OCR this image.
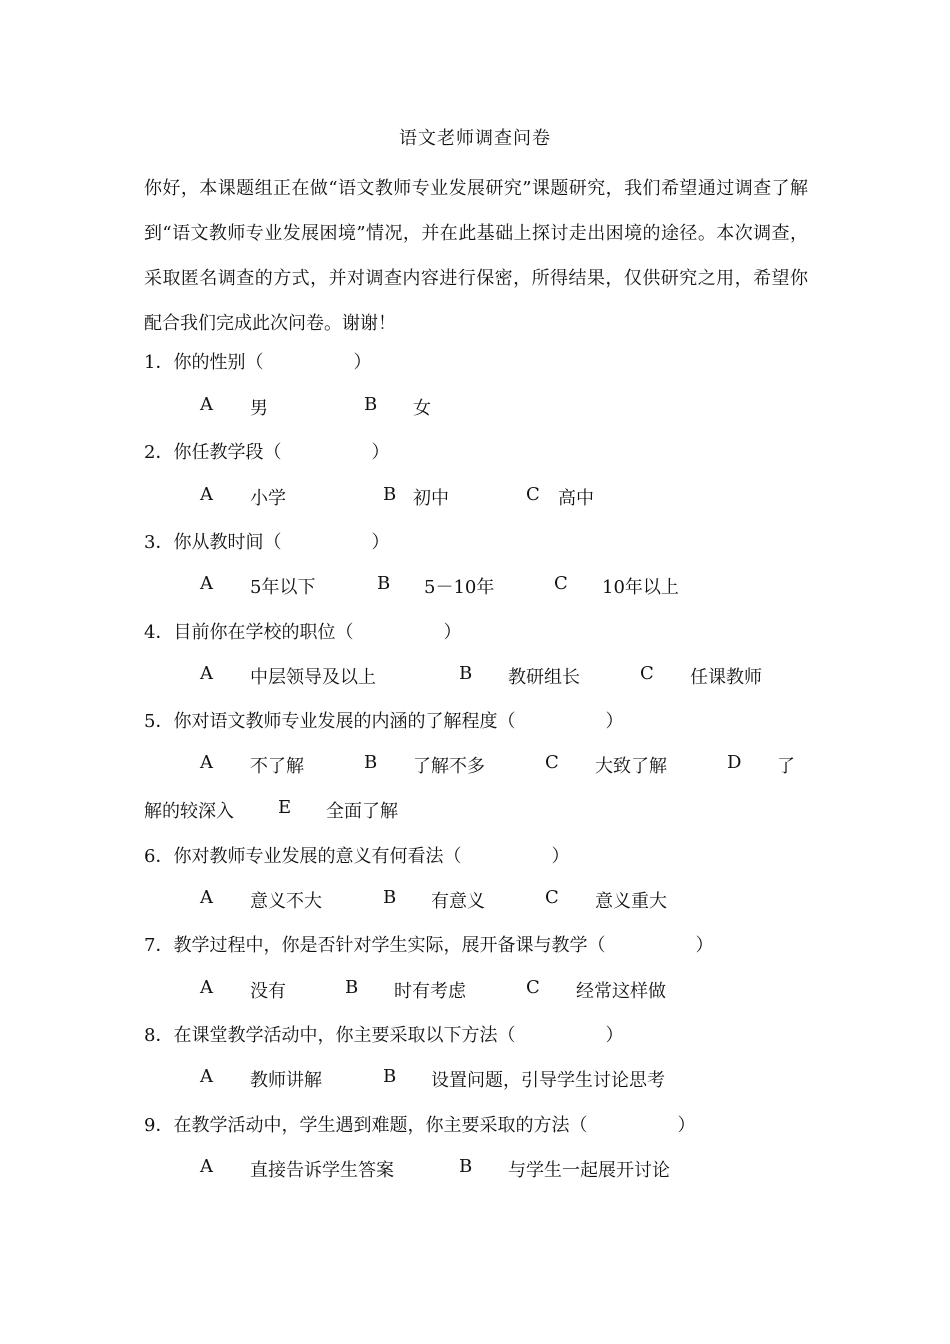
语文老师调查问卷

你好，本课题组正在做“语文教师专业发展研究”课题研究，我们希望通过调查了解到“语文教师专业发展困境”情况，并在此基础上探讨走出困境的途径。本次调查，采取匿名调查的方式，并对调查内容进行保密，所得结果，仅供研究之用，希望你配合我们完成此次问卷。谢谢！

1．你的性别（　　　　　）
A 男	B 女
2．你任教学段（　　　　　）
A 小学	B 初中	C 高中
3．你从教时间（　　　　　）
A 5年以下	B 5－10年	C 10年以上
4．目前你在学校的职位（　　　　　）
A 中层领导及以上	B 教研组长	C 任课教师
5．你对语文教师专业发展的内涵的了解程度（　　　　　）
A 不了解	B 了解不多	C 大致了解	D 了
解的较深入 E 全面了解
6．你对教师专业发展的意义有何看法（　　　　　）
A 意义不大	B 有意义	C 意义重大
7．教学过程中，你是否针对学生实际，展开备课与教学（　　　　　）
A 没有	B 时有考虑	C 经常这样做
8．在课堂教学活动中，你主要采取以下方法（　　　　　）
A 教师讲解	B 设置问题，引导学生讨论思考
9．在教学活动中，学生遇到难题，你主要采取的方法（　　　　　）
A 直接告诉学生答案	B 与学生一起展开讨论
